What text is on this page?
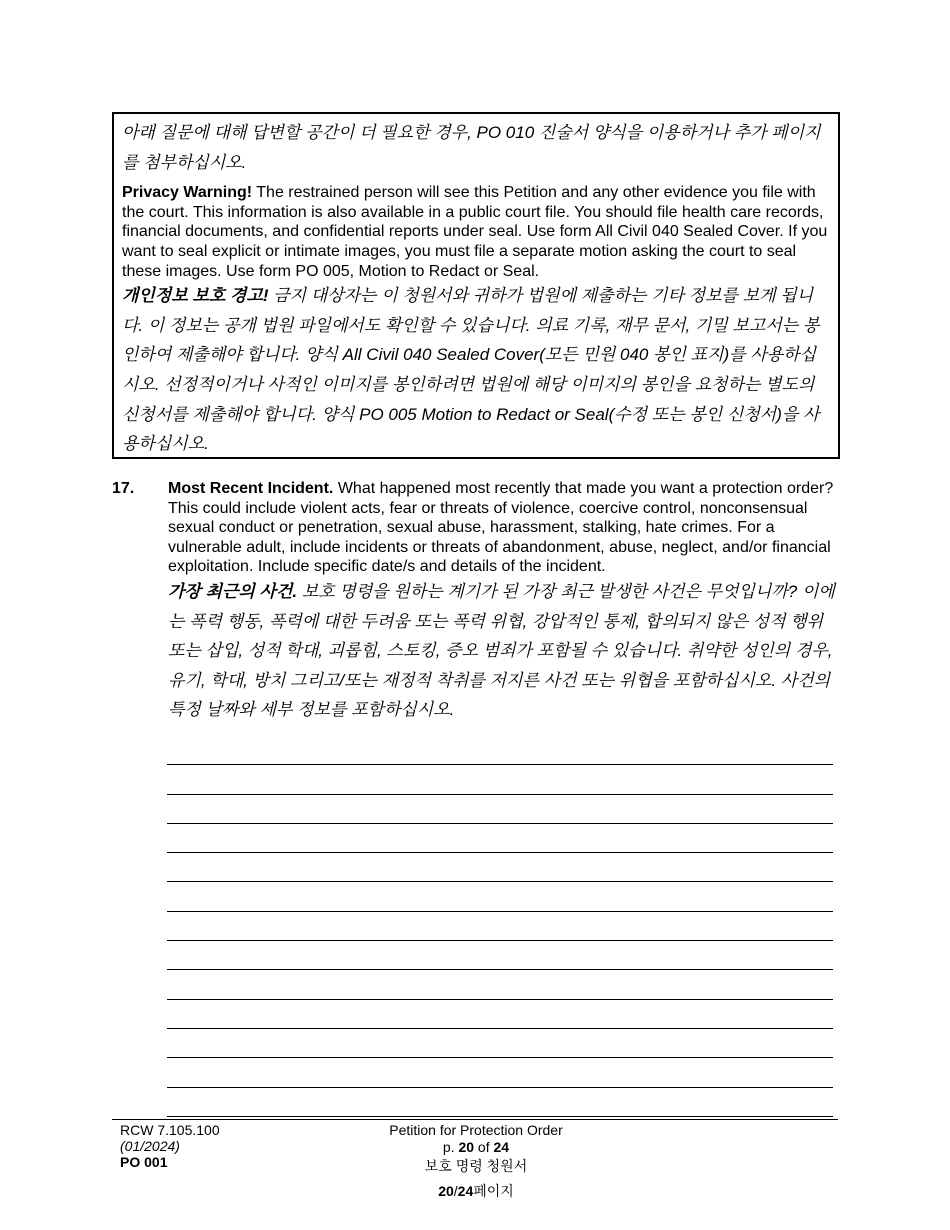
아래 질문에 대해 답변할 공간이 더 필요한 경우, PO 010 진술서 양식을 이용하거나 추가 페이지를 첨부하십시오.

Privacy Warning! The restrained person will see this Petition and any other evidence you file with the court. This information is also available in a public court file. You should file health care records, financial documents, and confidential reports under seal. Use form All Civil 040 Sealed Cover. If you want to seal explicit or intimate images, you must file a separate motion asking the court to seal these images. Use form PO 005, Motion to Redact or Seal.

개인정보 보호 경고! 금지 대상자는 이 청원서와 귀하가 법원에 제출하는 기타 정보를 보게 됩니다. 이 정보는 공개 법원 파일에서도 확인할 수 있습니다. 의료 기록, 재무 문서, 기밀 보고서는 봉인하여 제출해야 합니다. 양식 All Civil 040 Sealed Cover(모든 민원 040 봉인 표지)를 사용하십시오. 선정적이거나 사적인 이미지를 봉인하려면 법원에 해당 이미지의 봉인을 요청하는 별도의 신청서를 제출해야 합니다. 양식 PO 005 Motion to Redact or Seal(수정 또는 봉인 신청서)을 사용하십시오.

17. Most Recent Incident. What happened most recently that made you want a protection order? This could include violent acts, fear or threats of violence, coercive control, nonconsensual sexual conduct or penetration, sexual abuse, harassment, stalking, hate crimes. For a vulnerable adult, include incidents or threats of abandonment, abuse, neglect, and/or financial exploitation. Include specific date/s and details of the incident.

가장 최근의 사건. 보호 명령을 원하는 계기가 된 가장 최근 발생한 사건은 무엇입니까? 이에는 폭력 행동, 폭력에 대한 두려움 또는 폭력 위협, 강압적인 통제, 합의되지 않은 성적 행위 또는 삽입, 성적 학대, 괴롭힘, 스토킹, 증오 범죄가 포함될 수 있습니다. 취약한 성인의 경우, 유기, 학대, 방치 그리고/또는 재정적 착취를 저지른 사건 또는 위협을 포함하십시오. 사건의 특정 날짜와 세부 정보를 포함하십시오.

RCW 7.105.100
(01/2024)
PO 001
Petition for Protection Order
p. 20 of 24
보호 명령 청원서
20/24페이지
